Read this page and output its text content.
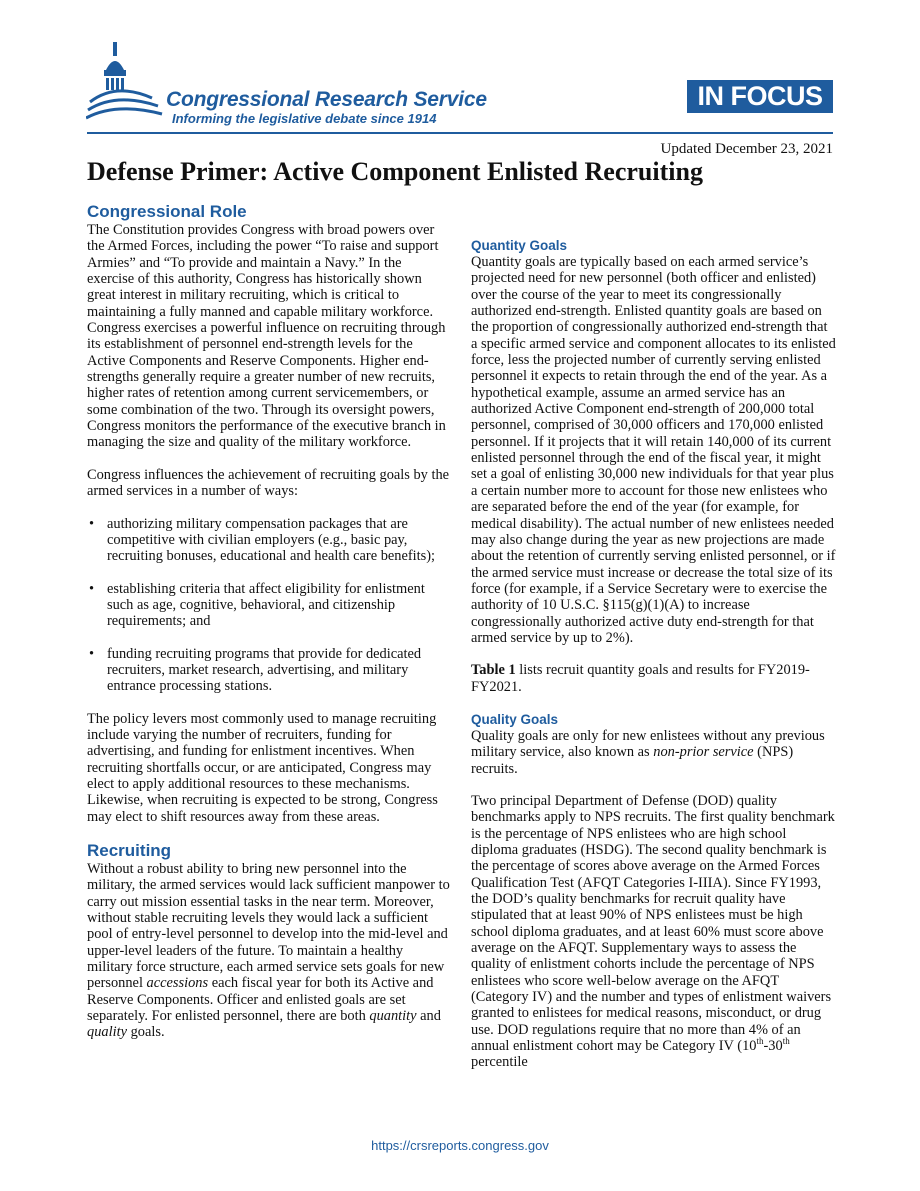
Congressional Research Service
Informing the legislative debate since 1914
IN FOCUS
Updated December 23, 2021
Defense Primer: Active Component Enlisted Recruiting
Congressional Role

The Constitution provides Congress with broad powers over the Armed Forces, including the power “To raise and support Armies” and “To provide and maintain a Navy.” In the exercise of this authority, Congress has historically shown great interest in military recruiting, which is critical to maintaining a fully manned and capable military workforce. Congress exercises a powerful influence on recruiting through its establishment of personnel end-strength levels for the Active Components and Reserve Components. Higher end-strengths generally require a greater number of new recruits, higher rates of retention among current servicemembers, or some combination of the two. Through its oversight powers, Congress monitors the performance of the executive branch in managing the size and quality of the military workforce.

Congress influences the achievement of recruiting goals by the armed services in a number of ways:

• authorizing military compensation packages that are competitive with civilian employers (e.g., basic pay, recruiting bonuses, educational and health care benefits);
• establishing criteria that affect eligibility for enlistment such as age, cognitive, behavioral, and citizenship requirements; and
• funding recruiting programs that provide for dedicated recruiters, market research, advertising, and military entrance processing stations.

The policy levers most commonly used to manage recruiting include varying the number of recruiters, funding for advertising, and funding for enlistment incentives. When recruiting shortfalls occur, or are anticipated, Congress may elect to apply additional resources to these mechanisms. Likewise, when recruiting is expected to be strong, Congress may elect to shift resources away from these areas.

Recruiting

Without a robust ability to bring new personnel into the military, the armed services would lack sufficient manpower to carry out mission essential tasks in the near term. Moreover, without stable recruiting levels they would lack a sufficient pool of entry-level personnel to develop into the mid-level and upper-level leaders of the future. To maintain a healthy military force structure, each armed service sets goals for new personnel accessions each fiscal year for both its Active and Reserve Components. Officer and enlisted goals are set separately. For enlisted personnel, there are both quantity and quality goals.

Quantity Goals

Quantity goals are typically based on each armed service’s projected need for new personnel (both officer and enlisted) over the course of the year to meet its congressionally authorized end-strength. Enlisted quantity goals are based on the proportion of congressionally authorized end-strength that a specific armed service and component allocates to its enlisted force, less the projected number of currently serving enlisted personnel it expects to retain through the end of the year. As a hypothetical example, assume an armed service has an authorized Active Component end-strength of 200,000 total personnel, comprised of 30,000 officers and 170,000 enlisted personnel. If it projects that it will retain 140,000 of its current enlisted personnel through the end of the fiscal year, it might set a goal of enlisting 30,000 new individuals for that year plus a certain number more to account for those new enlistees who are separated before the end of the year (for example, for medical disability). The actual number of new enlistees needed may also change during the year as new projections are made about the retention of currently serving enlisted personnel, or if the armed service must increase or decrease the total size of its force (for example, if a Service Secretary were to exercise the authority of 10 U.S.C. §115(g)(1)(A) to increase congressionally authorized active duty end-strength for that armed service by up to 2%).

Table 1 lists recruit quantity goals and results for FY2019-FY2021.

Quality Goals

Quality goals are only for new enlistees without any previous military service, also known as non-prior service (NPS) recruits.

Two principal Department of Defense (DOD) quality benchmarks apply to NPS recruits. The first quality benchmark is the percentage of NPS enlistees who are high school diploma graduates (HSDG). The second quality benchmark is the percentage of scores above average on the Armed Forces Qualification Test (AFQT Categories I-IIIA). Since FY1993, the DOD’s quality benchmarks for recruit quality have stipulated that at least 90% of NPS enlistees must be high school diploma graduates, and at least 60% must score above average on the AFQT. Supplementary ways to assess the quality of enlistment cohorts include the percentage of NPS enlistees who score well-below average on the AFQT (Category IV) and the number and types of enlistment waivers granted to enlistees for medical reasons, misconduct, or drug use. DOD regulations require that no more than 4% of an annual enlistment cohort may be Category IV (10th-30th percentile

https://crsreports.congress.gov
